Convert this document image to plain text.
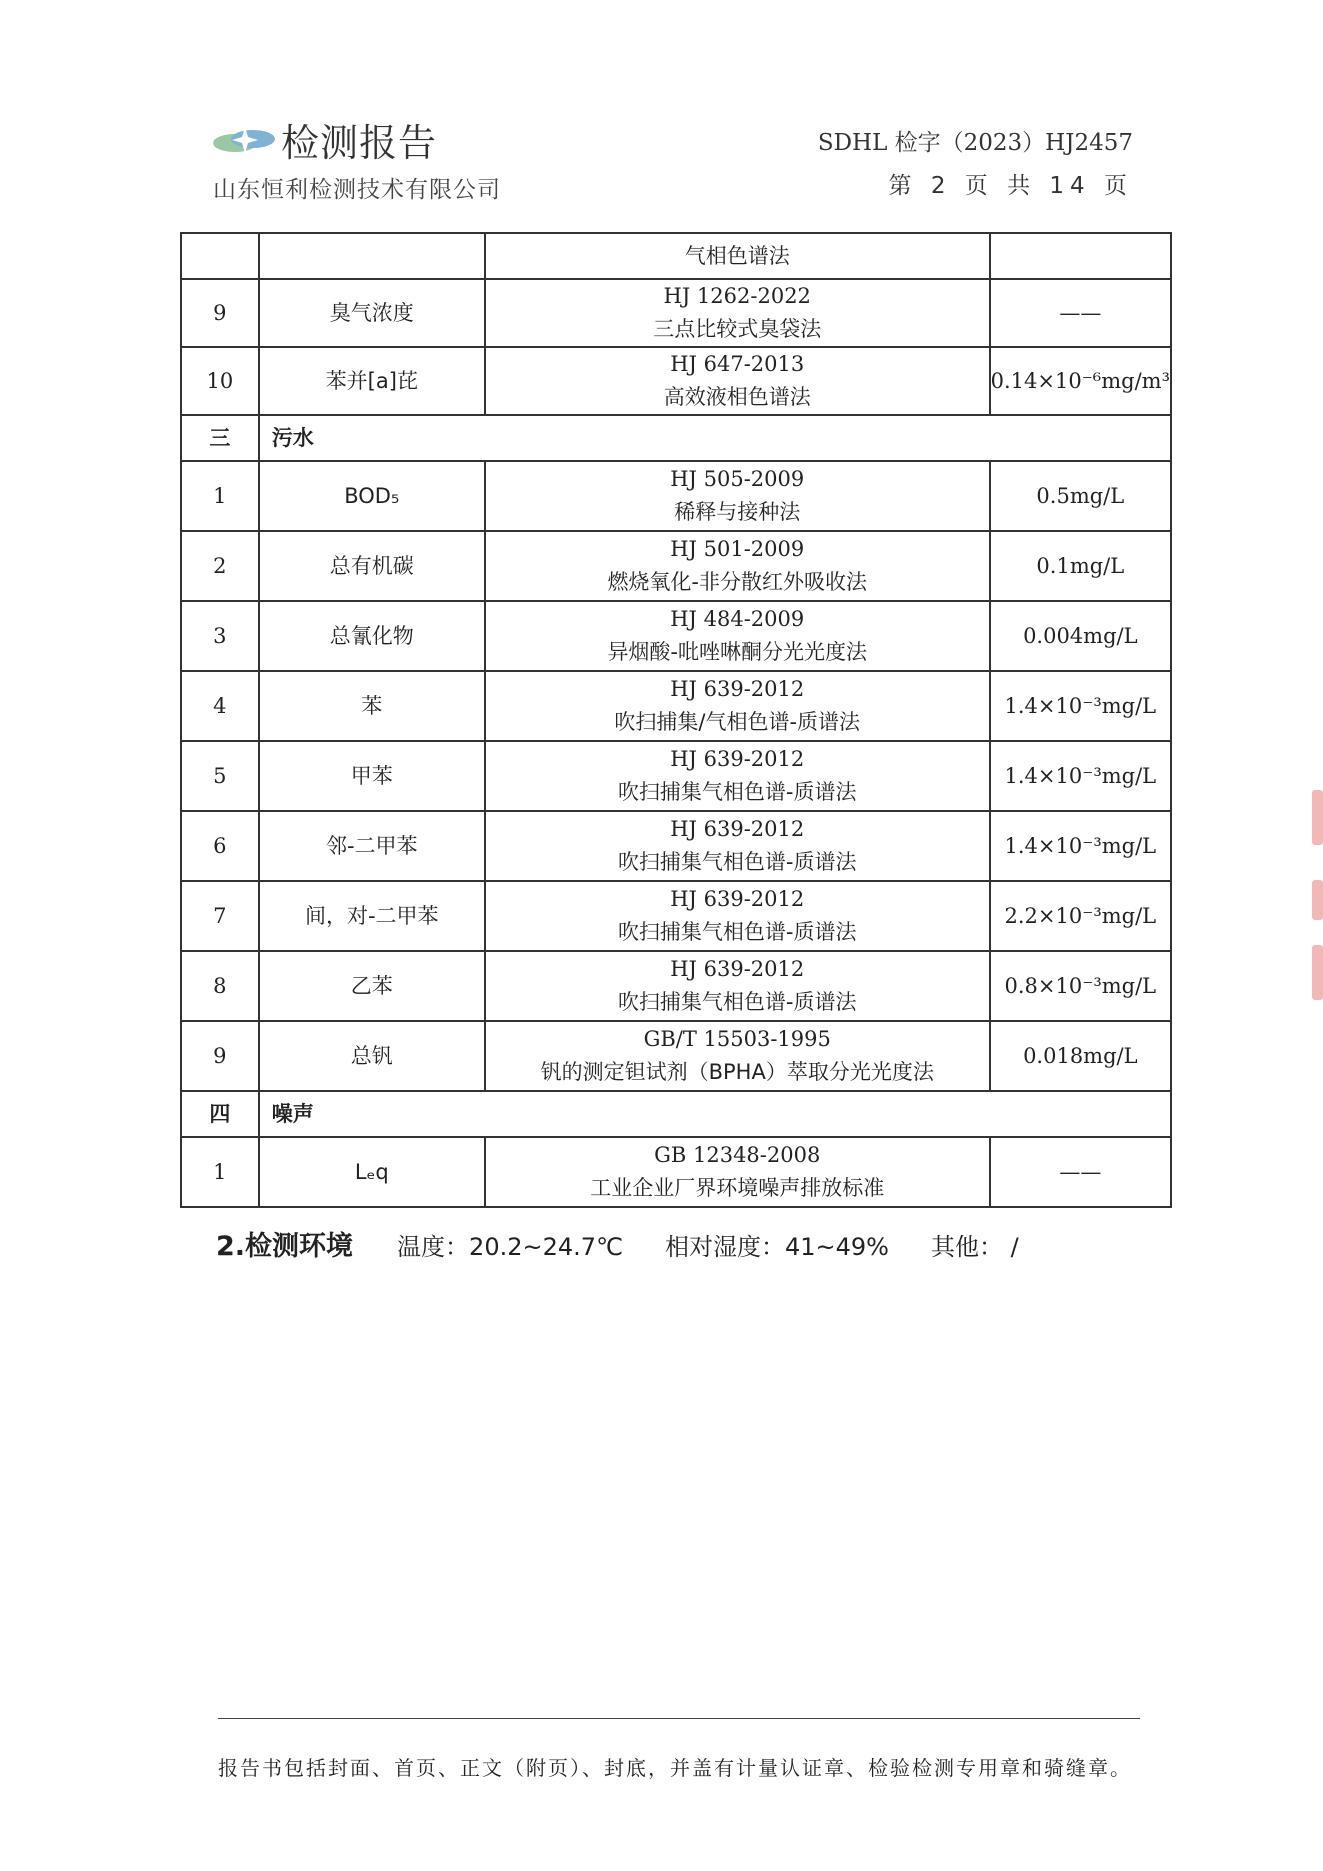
检测报告
山东恒利检测技术有限公司
SDHL 检字（2023）HJ2457
第 2 页 共 14 页

		气相色谱法	

9	臭气浓度	HJ 1262-2022
三点比较式臭袋法	——
10	苯并[a]芘	HJ 647-2013
高效液相色谱法	0.14×10⁻⁶mg/m³
三	污水		
1	BOD₅	HJ 505-2009
稀释与接种法	0.5mg/L
2	总有机碳	HJ 501-2009
燃烧氧化-非分散红外吸收法	0.1mg/L
3	总氰化物	HJ 484-2009
异烟酸-吡唑啉酮分光光度法	0.004mg/L
4	苯	HJ 639-2012
吹扫捕集/气相色谱-质谱法	1.4×10⁻³mg/L
5	甲苯	HJ 639-2012
吹扫捕集气相色谱-质谱法	1.4×10⁻³mg/L
6	邻-二甲苯	HJ 639-2012
吹扫捕集气相色谱-质谱法	1.4×10⁻³mg/L
7	间，对-二甲苯	HJ 639-2012
吹扫捕集气相色谱-质谱法	2.2×10⁻³mg/L
8	乙苯	HJ 639-2012
吹扫捕集气相色谱-质谱法	0.8×10⁻³mg/L
9	总钒	GB/T 15503-1995
钒的测定钽试剂（BPHA）萃取分光光度法	0.018mg/L
四	噪声		
1	Lₑq	GB 12348-2008
工业企业厂界环境噪声排放标准	——
2.检测环境 温度：20.2~24.7℃ 相对湿度：41~49% 其他： /
报告书包括封面、首页、正文（附页）、封底，并盖有计量认证章、检验检测专用章和骑缝章。
